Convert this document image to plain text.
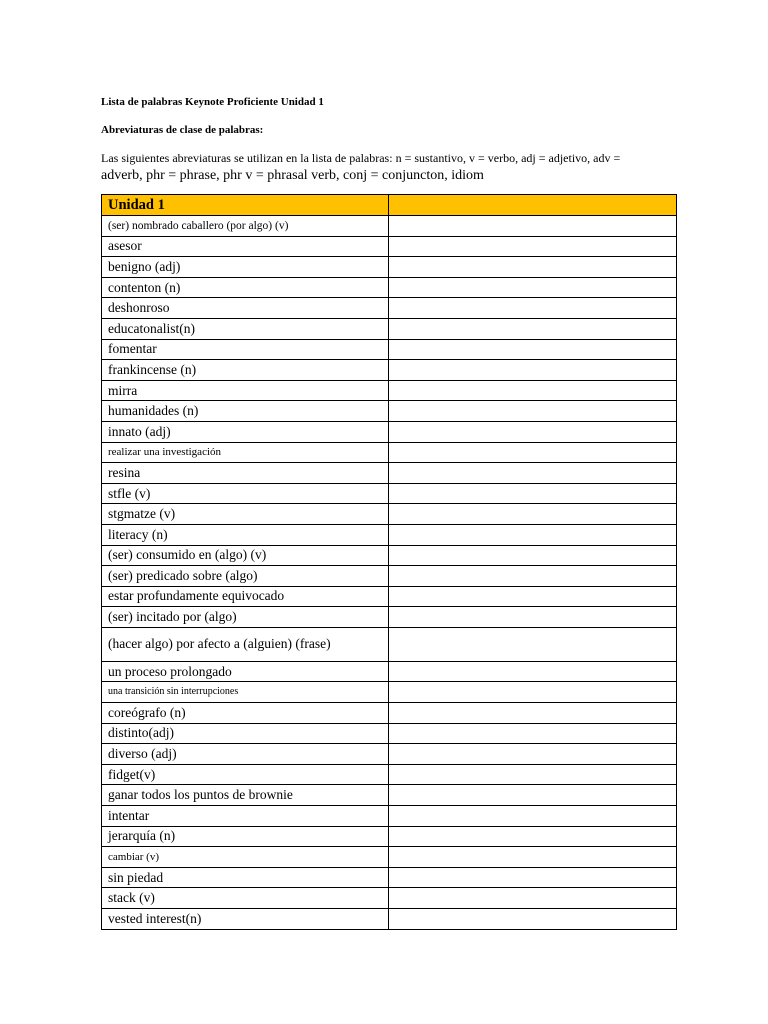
Lista de palabras Keynote Proficiente Unidad 1
Abreviaturas de clase de palabras:
Las siguientes abreviaturas se utilizan en la lista de palabras: n = sustantivo, v = verbo, adj = adjetivo, adv =
adverb, phr = phrase, phr v = phrasal verb, conj = conjuncton, idiom
Unidad 1	
(ser) nombrado caballero (por algo) (v)	
asesor	
benigno (adj)	
contenton (n)	
deshonroso	
educatonalist(n)	
fomentar	
frankincense (n)	
mirra	
humanidades (n)	
innato (adj)	
realizar una investigación	
resina	
stfle (v)	
stgmatze (v)	
literacy (n)	
(ser) consumido en (algo) (v)	
(ser) predicado sobre (algo)	
estar profundamente equivocado	
(ser) incitado por (algo)	
(hacer algo) por afecto a (alguien) (frase)	
un proceso prolongado	
una transición sin interrupciones	
coreógrafo (n)	
distinto(adj)	
diverso (adj)	
fidget(v)	
ganar todos los puntos de brownie	
intentar	
jerarquía (n)	
cambiar (v)	
sin piedad	
stack (v)	
vested interest(n)	
